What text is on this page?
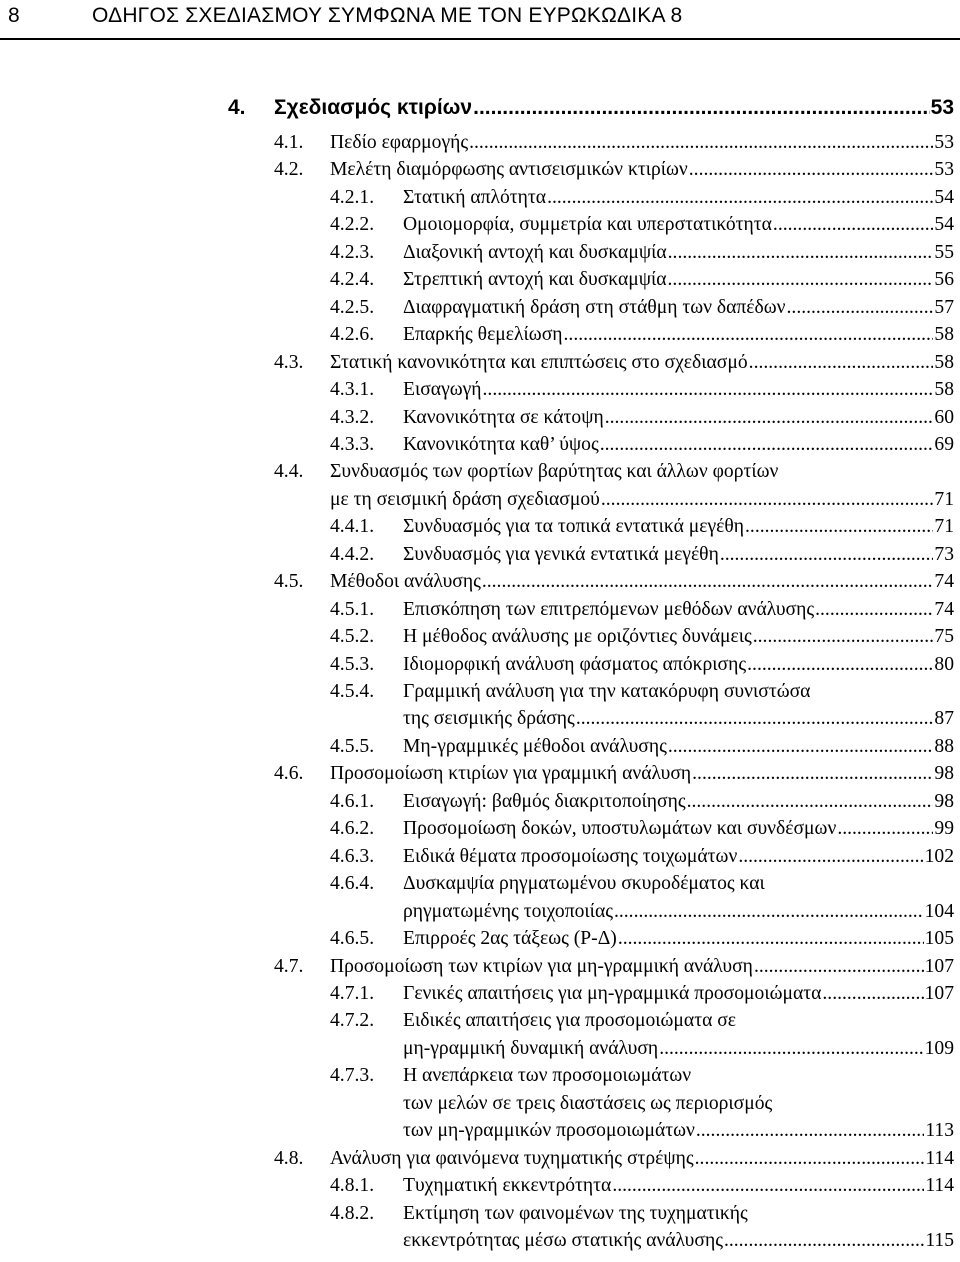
8	ΟΔΗΓΟΣ ΣΧΕΔΙΑΣΜΟΥ ΣΥΜΦΩΝΑ ΜΕ ΤΟΝ ΕΥΡΩΚΩΔΙΚΑ 8
4. Σχεδιασμός κτιρίων .....	53
4.1. Πεδίο εφαρμογής .....	53
4.2. Μελέτη διαμόρφωσης αντισεισμικών κτιρίων .....	53
4.2.1. Στατική απλότητα .....	54
4.2.2. Ομοιομορφία, συμμετρία και υπερστατικότητα .....	54
4.2.3. Διαξονική αντοχή και δυσκαμψία .....	55
4.2.4. Στρεπτική αντοχή και δυσκαμψία .....	56
4.2.5. Διαφραγματική δράση στη στάθμη των δαπέδων .....	57
4.2.6. Επαρκής θεμελίωση .....	58
4.3. Στατική κανονικότητα και επιπτώσεις στο σχεδιασμό .....	58
4.3.1. Εισαγωγή .....	58
4.3.2. Κανονικότητα σε κάτοψη .....	60
4.3.3. Κανονικότητα καθ’ ύψος .....	69
4.4. Συνδυασμός των φορτίων βαρύτητας και άλλων φορτίων
με τη σεισμική δράση σχεδιασμού .....	71
4.4.1. Συνδυασμός για τα τοπικά εντατικά μεγέθη .....	71
4.4.2. Συνδυασμός για γενικά εντατικά μεγέθη .....	73
4.5. Μέθοδοι ανάλυσης .....	74
4.5.1. Επισκόπηση των επιτρεπόμενων μεθόδων ανάλυσης .....	74
4.5.2. Η μέθοδος ανάλυσης με οριζόντιες δυνάμεις .....	75
4.5.3. Ιδιομορφική ανάλυση φάσματος απόκρισης .....	80
4.5.4. Γραμμική ανάλυση για την κατακόρυφη συνιστώσα
της σεισμικής δράσης .....	87
4.5.5. Μη-γραμμικές μέθοδοι ανάλυσης .....	88
4.6. Προσομοίωση κτιρίων για γραμμική ανάλυση .....	98
4.6.1. Εισαγωγή: βαθμός διακριτοποίησης .....	98
4.6.2. Προσομοίωση δοκών, υποστυλωμάτων και συνδέσμων .....	99
4.6.3. Ειδικά θέματα προσομοίωσης τοιχωμάτων .....	102
4.6.4. Δυσκαμψία ρηγματωμένου σκυροδέματος και
ρηγματωμένης τοιχοποιίας .....	104
4.6.5. Επιρροές 2ας τάξεως (Ρ-Δ) .....	105
4.7. Προσομοίωση των κτιρίων για μη-γραμμική ανάλυση .....	107
4.7.1. Γενικές απαιτήσεις για μη-γραμμικά προσομοιώματα .....	107
4.7.2. Ειδικές απαιτήσεις για προσομοιώματα σε
μη-γραμμική δυναμική ανάλυση .....	109
4.7.3. Η ανεπάρκεια των προσομοιωμάτων
των μελών σε τρεις διαστάσεις ως περιορισμός
των μη-γραμμικών προσομοιωμάτων .....	113
4.8. Ανάλυση για φαινόμενα τυχηματικής στρέψης .....	114
4.8.1. Τυχηματική εκκεντρότητα .....	114
4.8.2. Εκτίμηση των φαινομένων της τυχηματικής
εκκεντρότητας μέσω στατικής ανάλυσης .....	115
